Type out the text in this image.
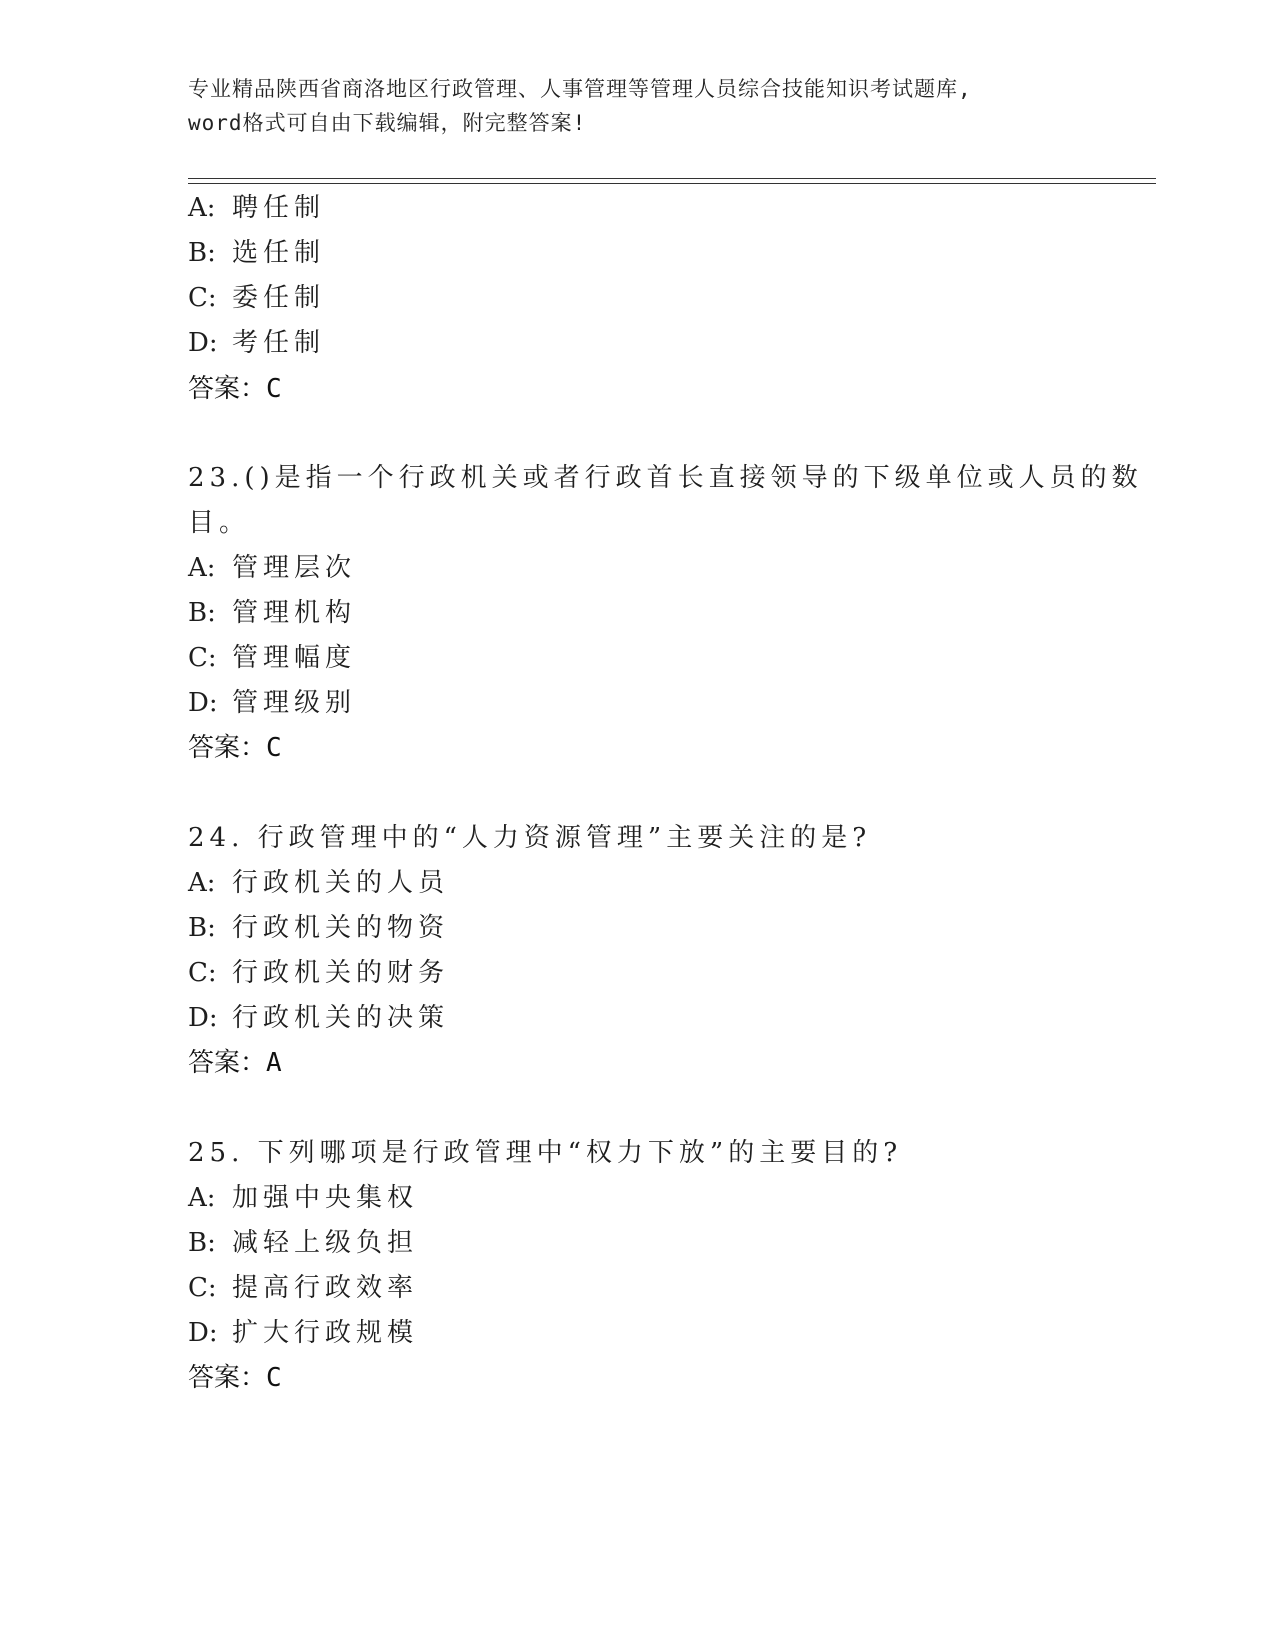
专业精品陕西省商洛地区行政管理、人事管理等管理人员综合技能知识考试题库,
word格式可自由下载编辑，附完整答案!
A: 聘任制
B: 选任制
C: 委任制
D: 考任制
答案：C
23.()是指一个行政机关或者行政首长直接领导的下级单位或人员的数
目。
A: 管理层次
B: 管理机构
C: 管理幅度
D: 管理级别
答案：C
24. 行政管理中的“人力资源管理”主要关注的是?
A: 行政机关的人员
B: 行政机关的物资
C: 行政机关的财务
D: 行政机关的决策
答案：A
25. 下列哪项是行政管理中“权力下放”的主要目的?
A: 加强中央集权
B: 减轻上级负担
C: 提高行政效率
D: 扩大行政规模
答案：C
